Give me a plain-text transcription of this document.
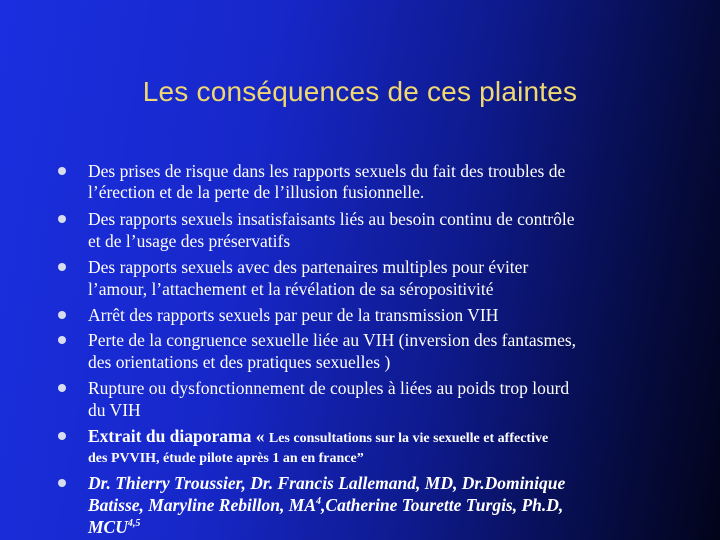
Les conséquences de ces plaintes
Des prises de risque dans les rapports sexuels du fait des troubles de
l’érection et de la perte de l’illusion fusionnelle.
Des rapports sexuels insatisfaisants liés au besoin continu de contrôle
et de l’usage des préservatifs
Des rapports sexuels avec des partenaires multiples pour éviter
l’amour, l’attachement et la révélation de sa séropositivité
Arrêt des rapports sexuels par peur de la transmission VIH
Perte de la congruence sexuelle liée au VIH (inversion des fantasmes,
des orientations et des pratiques sexuelles )
Rupture ou dysfonctionnement de couples à liées au poids trop lourd
du VIH
Extrait du diaporama « Les consultations sur la vie sexuelle et affective
des PVVIH, étude pilote après 1 an en france”
Dr. Thierry Troussier, Dr. Francis Lallemand, MD, Dr.Dominique
Batisse, Maryline Rebillon, $MA^4,Catherine$ Tourette Turgis, Ph.D,
MCU$^{4,5}$
